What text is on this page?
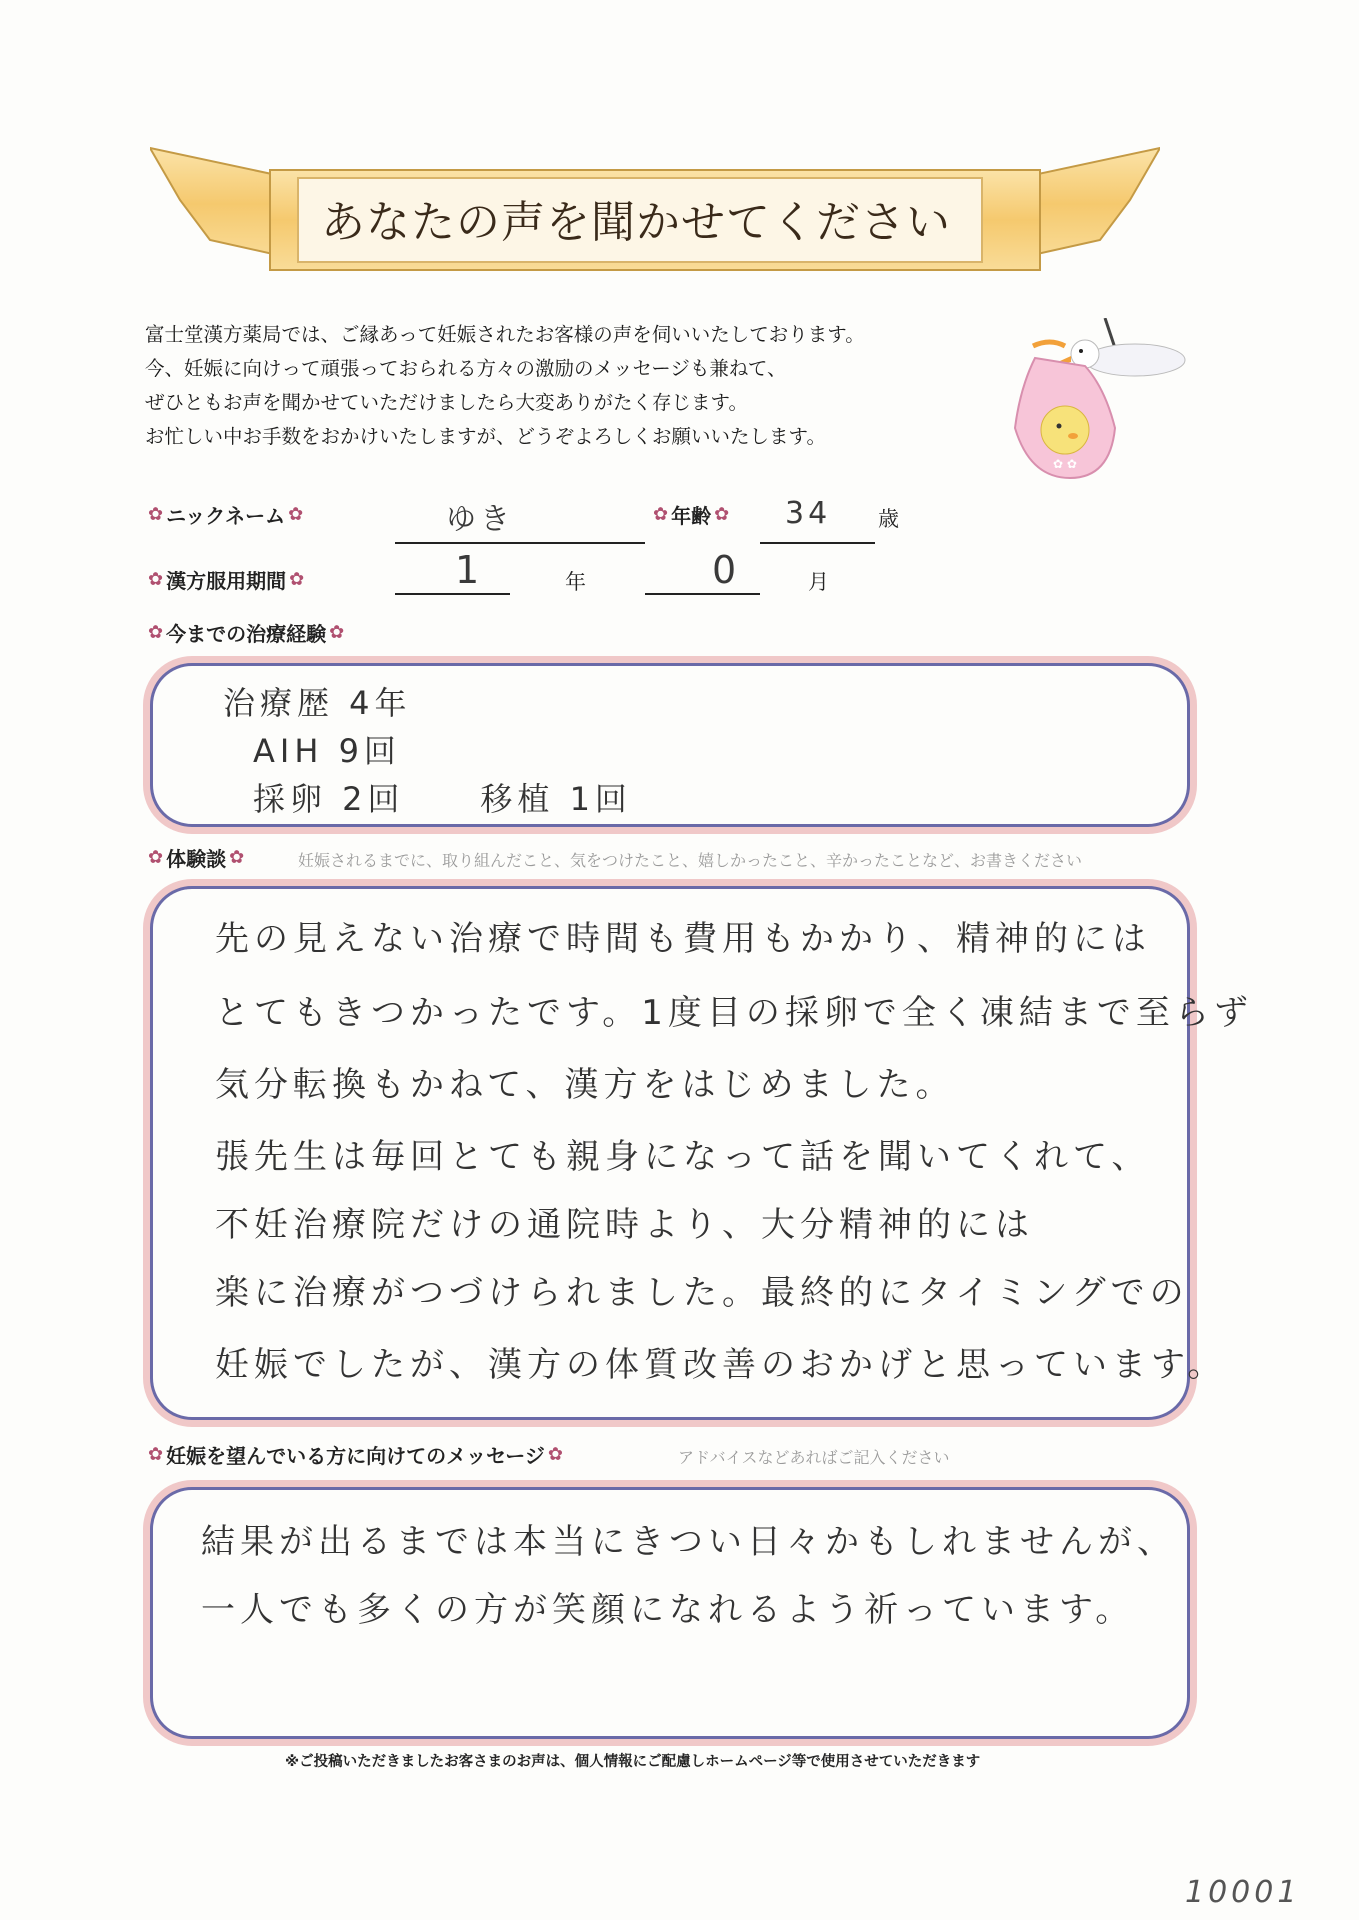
あなたの声を聞かせてください

富士堂漢方薬局では、ご縁あって妊娠されたお客様の声を伺いいたしております。

今、妊娠に向けって頑張っておられる方々の激励のメッセージも兼ねて、

ぜひともお声を聞かせていただけましたら大変ありがたく存じます。

お忙しい中お手数をおかけいたしますが、どうぞよろしくお願いいたします。

✿ ✿
✿ ニックネーム ✿	ゆき	✿ 年齢 ✿ 34 歳
✿ 漢方服用期間 ✿	1	年	0	月
✿ 今までの治療経験 ✿
治療歴 4年
AIH 9回
採卵 2回     移植 1回
✿ 体験談 ✿	妊娠されるまでに、取り組んだこと、気をつけたこと、嬉しかったこと、辛かったことなど、お書きください
先の見えない治療で時間も費用もかかり、精神的には
とてもきつかったです。1度目の採卵で全く凍結まで至らず
気分転換もかねて、漢方をはじめました。
張先生は毎回とても親身になって話を聞いてくれて、
不妊治療院だけの通院時より、大分精神的には
楽に治療がつづけられました。最終的にタイミングでの
妊娠でしたが、漢方の体質改善のおかげと思っています。
✿ 妊娠を望んでいる方に向けてのメッセージ ✿	アドバイスなどあればご記入ください
結果が出るまでは本当にきつい日々かもしれませんが、
一人でも多くの方が笑顔になれるよう祈っています。
※ご投稿いただきましたお客さまのお声は、個人情報にご配慮しホームページ等で使用させていただきます
10001
